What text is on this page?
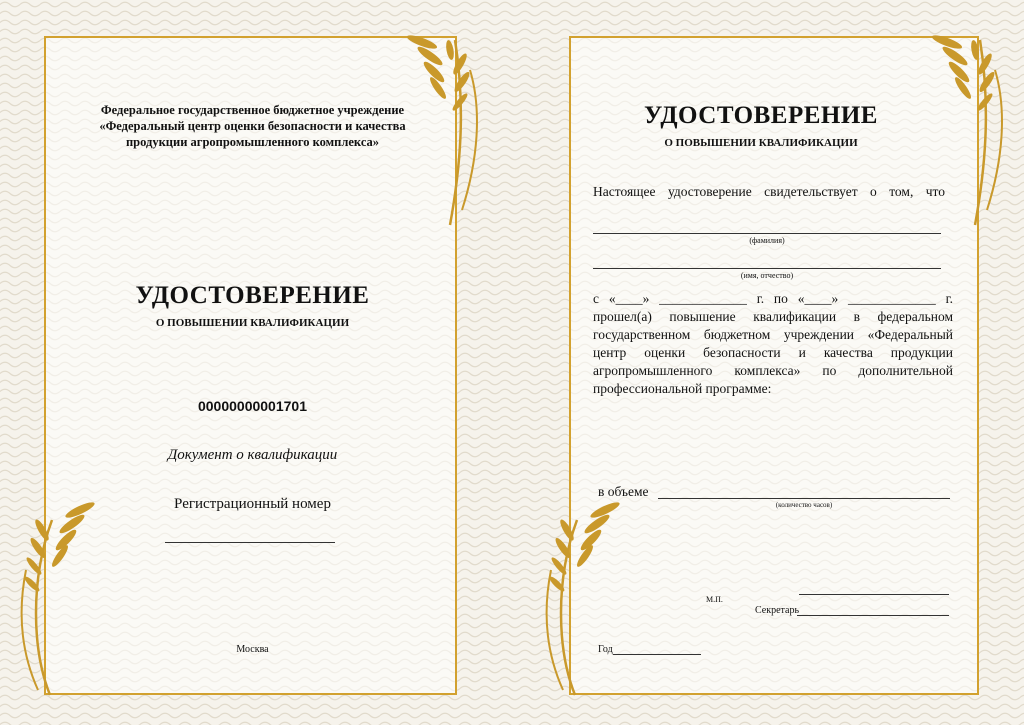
Федеральное государственное бюджетное учреждение
«Федеральный центр оценки безопасности и качества
продукции агропромышленного комплекса»
УДОСТОВЕРЕНИЕ
О ПОВЫШЕНИИ КВАЛИФИКАЦИИ
00000000001701
Документ о квалификации
Регистрационный номер
Москва
УДОСТОВЕРЕНИЕ
О ПОВЫШЕНИИ КВАЛИФИКАЦИИ
Настоящее удостоверение свидетельствует о том, что
(фамилия)
(имя, отчество)
с «____» _____________ г. по «____» _____________ г.
прошел(а) повышение квалификации в федеральном государственном бюджетном учреждении «Федеральный центр оценки безопасности и качества продукции агропромышленного комплекса» по дополнительной профессиональной программе:
в объеме
(количество часов)
М.П.
Секретарь
Год
